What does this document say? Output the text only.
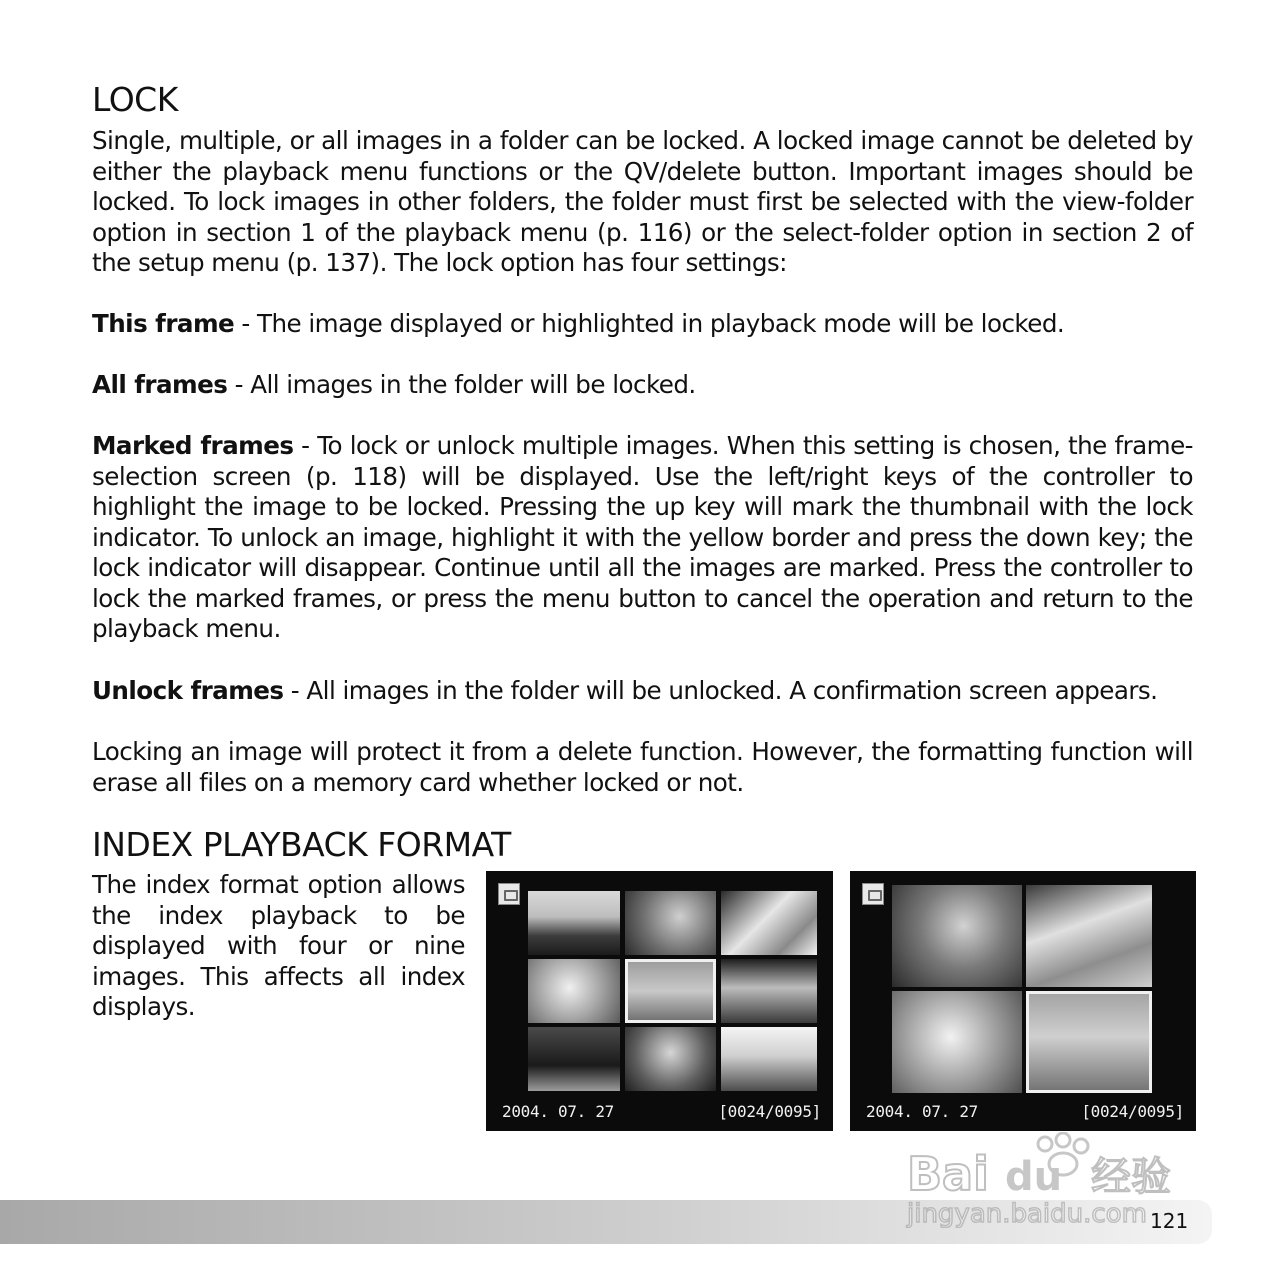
LOCK

Single, multiple, or all images in a folder can be locked. A locked image cannot be deleted by either the playback menu functions or the QV/delete button. Important images should be locked. To lock images in other folders, the folder must first be selected with the view-folder option in section 1 of the playback menu (p. 116) or the select-folder option in section 2 of the setup menu (p. 137). The lock option has four settings:

This frame - The image displayed or highlighted in playback mode will be locked.

All frames - All images in the folder will be locked.

Marked frames - To lock or unlock multiple images. When this setting is chosen, the frame-selection screen (p. 118) will be displayed. Use the left/right keys of the controller to highlight the image to be locked. Pressing the up key will mark the thumbnail with the lock indicator. To unlock an image, highlight it with the yellow border and press the down key; the lock indicator will disappear. Continue until all the images are marked. Press the controller to lock the marked frames, or press the menu button to cancel the operation and return to the playback menu.

Unlock frames - All images in the folder will be unlocked. A confirmation screen appears.

Locking an image will protect it from a delete function. However, the formatting function will erase all files on a memory card whether locked or not.

INDEX PLAYBACK FORMAT

The index format option allows the index playback to be displayed with four or nine images. This affects all index displays.

2004. 07. 27	[0024/0095]	2004. 07. 27	[0024/0095]
121
Bai du 经验
jingyan.baidu.com
